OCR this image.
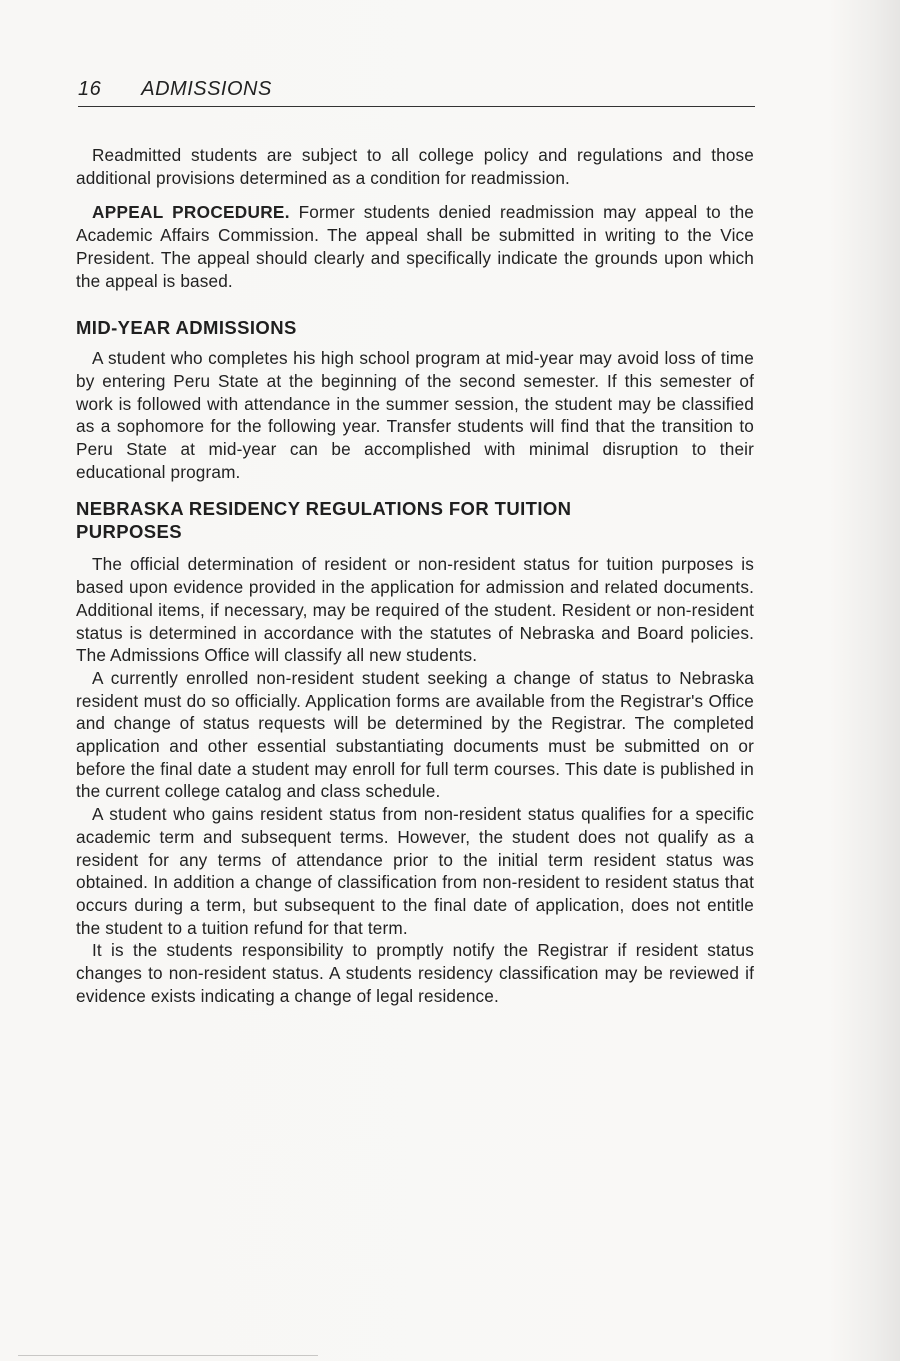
16 ADMISSIONS

Readmitted students are subject to all college policy and regulations and those additional provisions determined as a condition for readmission.

APPEAL PROCEDURE. Former students denied readmission may appeal to the Academic Affairs Commission. The appeal shall be submitted in writing to the Vice President. The appeal should clearly and specifically indicate the grounds upon which the appeal is based.

MID-YEAR ADMISSIONS

A student who completes his high school program at mid-year may avoid loss of time by entering Peru State at the beginning of the second semester. If this semester of work is followed with attendance in the summer session, the student may be classified as a sophomore for the following year. Transfer students will find that the transition to Peru State at mid-year can be accomplished with minimal disruption to their educational program.

NEBRASKA RESIDENCY REGULATIONS FOR TUITION PURPOSES

The official determination of resident or non-resident status for tuition purposes is based upon evidence provided in the application for admission and related documents. Additional items, if necessary, may be required of the student. Resident or non-resident status is determined in accordance with the statutes of Nebraska and Board policies. The Admissions Office will classify all new students.

A currently enrolled non-resident student seeking a change of status to Nebraska resident must do so officially. Application forms are available from the Registrar's Office and change of status requests will be determined by the Registrar. The completed application and other essential substantiating documents must be submitted on or before the final date a student may enroll for full term courses. This date is published in the current college catalog and class schedule.

A student who gains resident status from non-resident status qualifies for a specific academic term and subsequent terms. However, the student does not qualify as a resident for any terms of attendance prior to the initial term resident status was obtained. In addition a change of classification from non-resident to resident status that occurs during a term, but subsequent to the final date of application, does not entitle the student to a tuition refund for that term.

It is the students responsibility to promptly notify the Registrar if resident status changes to non-resident status. A students residency classification may be reviewed if evidence exists indicating a change of legal residence.
